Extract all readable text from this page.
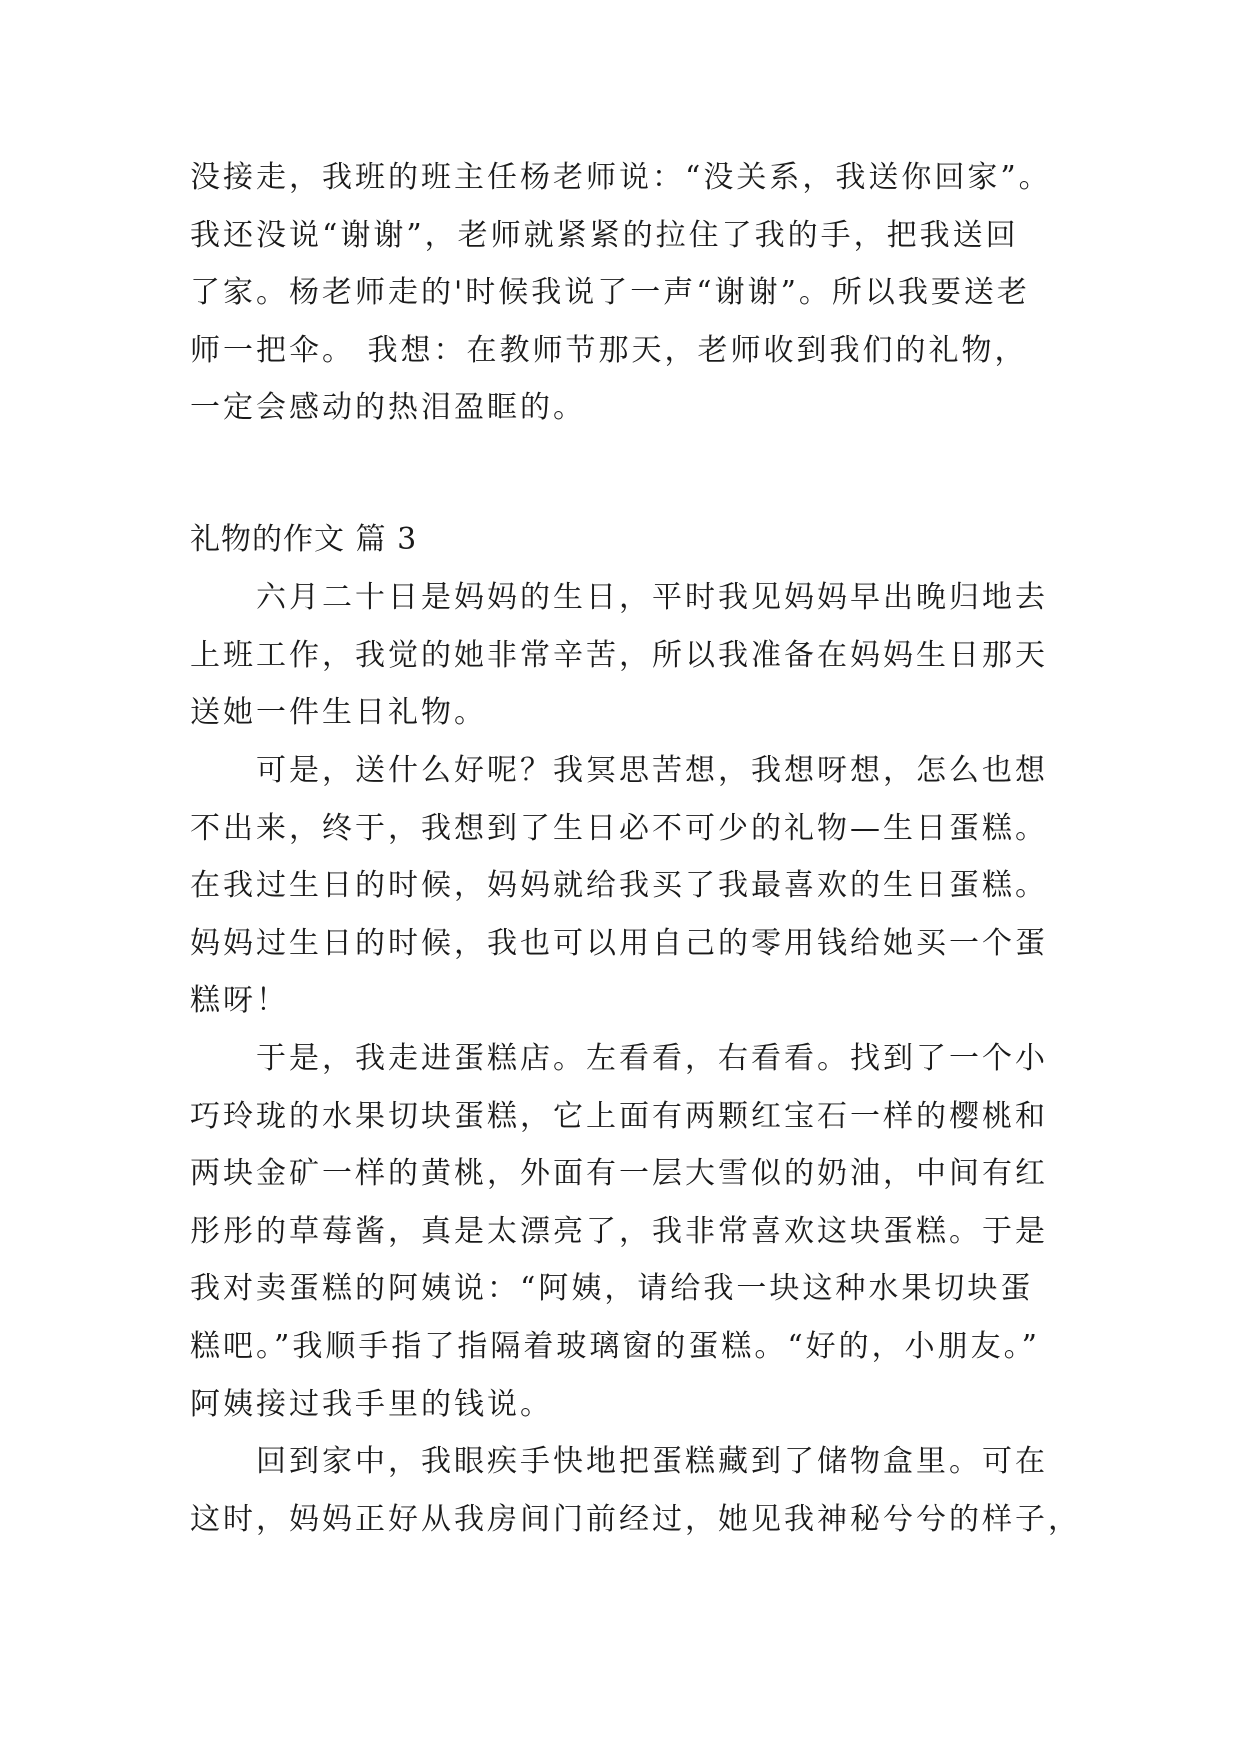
没接走，我班的班主任杨老师说：“没关系，我送你回家”。
我还没说“谢谢”，老师就紧紧的拉住了我的手，把我送回
了家。杨老师走的'时候我说了一声“谢谢”。所以我要送老
师一把伞。 我想：在教师节那天，老师收到我们的礼物，
一定会感动的热泪盈眶的。
礼物的作文 篇 3
六月二十日是妈妈的生日，平时我见妈妈早出晚归地去
上班工作，我觉的她非常辛苦，所以我准备在妈妈生日那天
送她一件生日礼物。
可是，送什么好呢？我冥思苦想，我想呀想，怎么也想
不出来，终于，我想到了生日必不可少的礼物—生日蛋糕。
在我过生日的时候，妈妈就给我买了我最喜欢的生日蛋糕。
妈妈过生日的时候，我也可以用自己的零用钱给她买一个蛋
糕呀！
于是，我走进蛋糕店。左看看，右看看。找到了一个小
巧玲珑的水果切块蛋糕，它上面有两颗红宝石一样的樱桃和
两块金矿一样的黄桃，外面有一层大雪似的奶油，中间有红
彤彤的草莓酱，真是太漂亮了，我非常喜欢这块蛋糕。于是
我对卖蛋糕的阿姨说：“阿姨，请给我一块这种水果切块蛋
糕吧。”我顺手指了指隔着玻璃窗的蛋糕。“好的，小朋友。”
阿姨接过我手里的钱说。
回到家中，我眼疾手快地把蛋糕藏到了储物盒里。可在
这时，妈妈正好从我房间门前经过，她见我神秘兮兮的样子，
